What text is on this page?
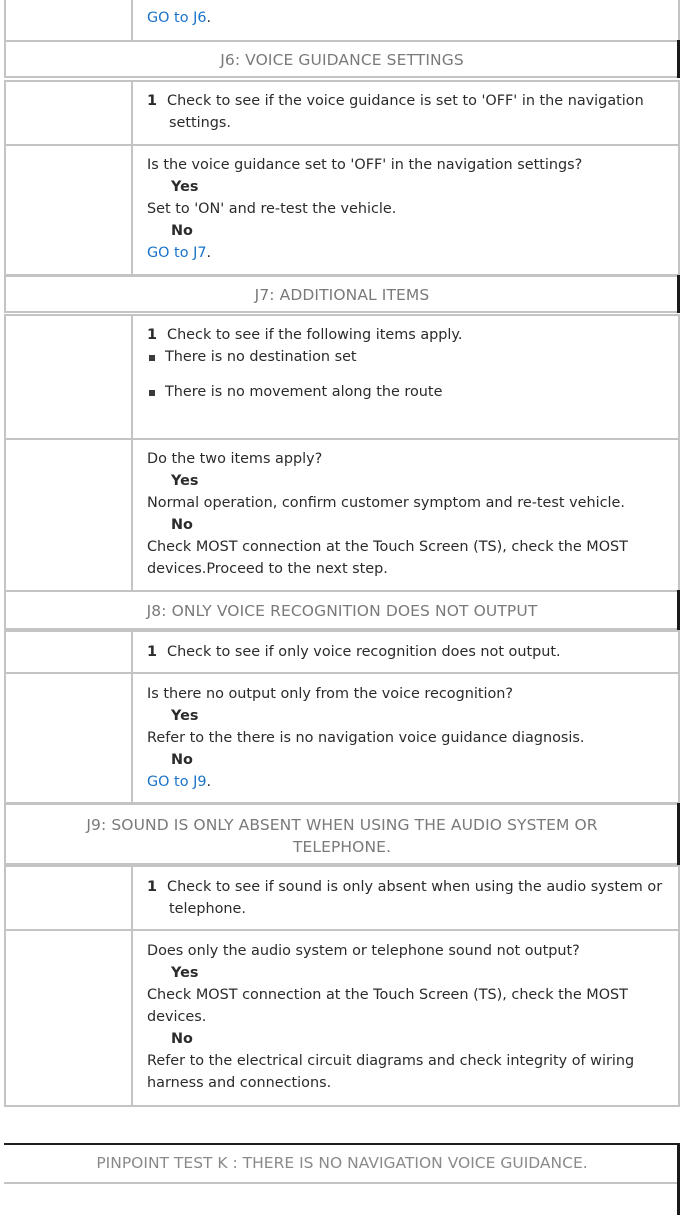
GO to J6.
J6: VOICE GUIDANCE SETTINGS
1 Check to see if the voice guidance is set to 'OFF' in the navigation settings.
Is the voice guidance set to 'OFF' in the navigation settings?
Yes
Set to 'ON' and re-test the vehicle.
No
GO to J7.
J7: ADDITIONAL ITEMS
1 Check to see if the following items apply.
There is no destination set
There is no movement along the route
Do the two items apply?
Yes
Normal operation, confirm customer symptom and re-test vehicle.
No
Check MOST connection at the Touch Screen (TS), check the MOST devices.Proceed to the next step.
J8: ONLY VOICE RECOGNITION DOES NOT OUTPUT
1 Check to see if only voice recognition does not output.
Is there no output only from the voice recognition?
Yes
Refer to the there is no navigation voice guidance diagnosis.
No
GO to J9.
J9: SOUND IS ONLY ABSENT WHEN USING THE AUDIO SYSTEM OR
TELEPHONE.
1 Check to see if sound is only absent when using the audio system or telephone.
Does only the audio system or telephone sound not output?
Yes
Check MOST connection at the Touch Screen (TS), check the MOST devices.
No
Refer to the electrical circuit diagrams and check integrity of wiring harness and connections.
PINPOINT TEST K : THERE IS NO NAVIGATION VOICE GUIDANCE.
